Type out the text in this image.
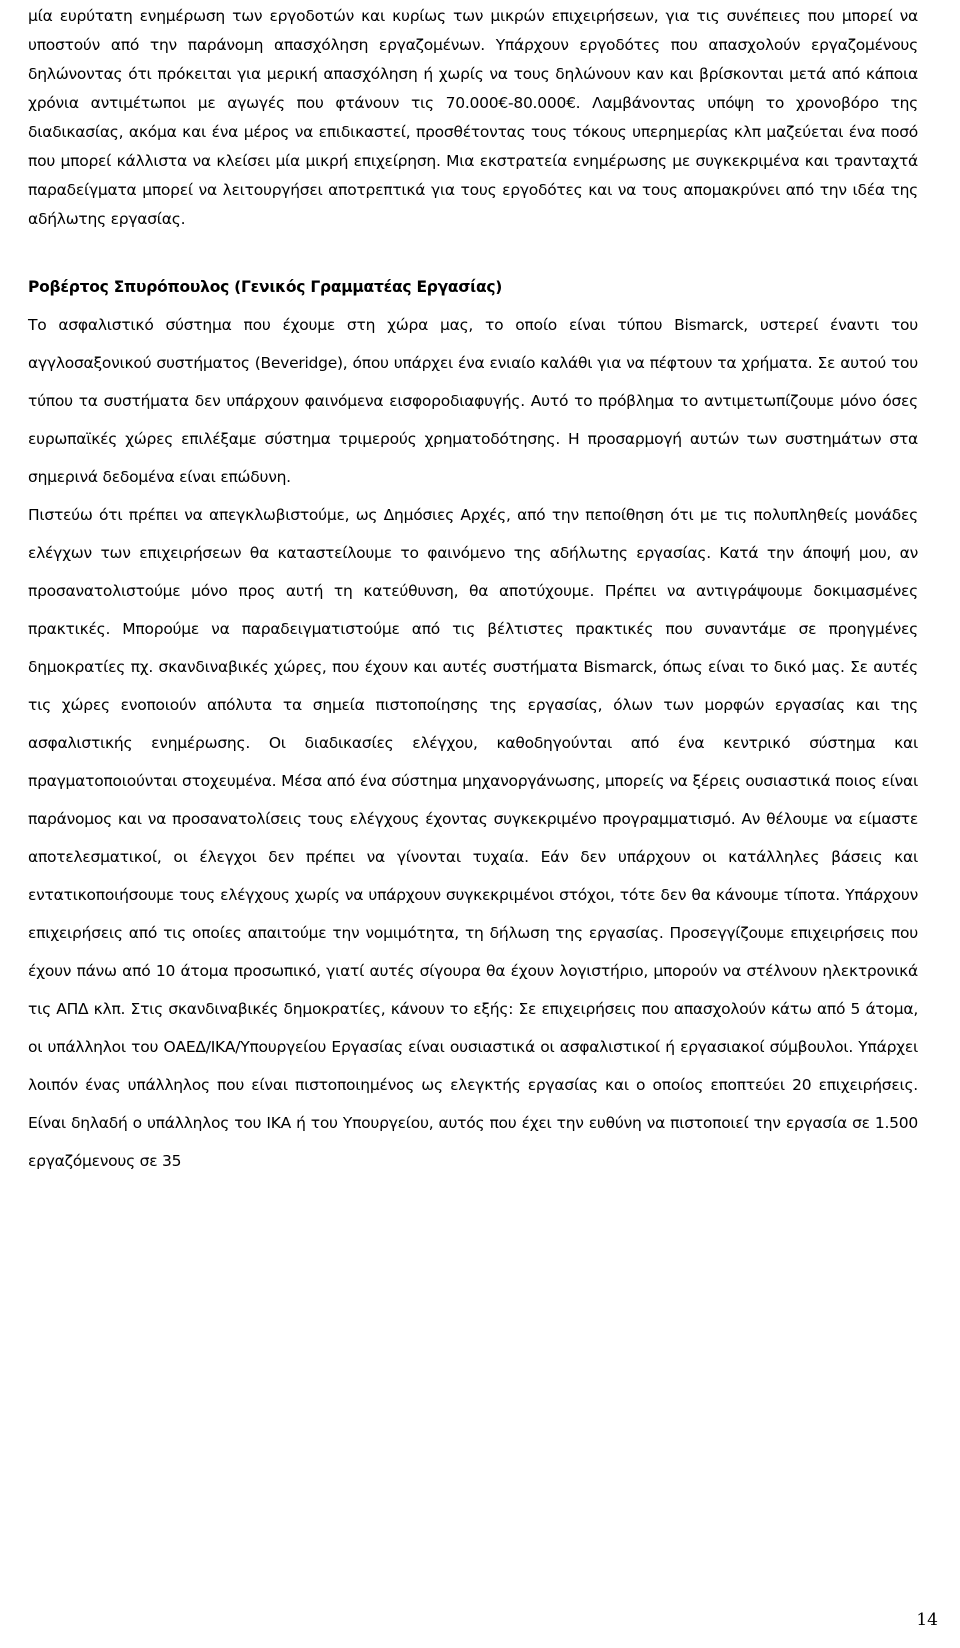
μία ευρύτατη ενημέρωση των εργοδοτών και κυρίως των μικρών επιχειρήσεων, για τις συνέπειες που μπορεί να υποστούν από την παράνομη απασχόληση εργαζομένων. Υπάρχουν εργοδότες που απασχολούν εργαζομένους δηλώνοντας ότι πρόκειται για μερική απασχόληση ή χωρίς να τους δηλώνουν καν και βρίσκονται μετά από κάποια χρόνια αντιμέτωποι με αγωγές που φτάνουν τις 70.000€-80.000€. Λαμβάνοντας υπόψη το χρονοβόρο της διαδικασίας, ακόμα και ένα μέρος να επιδικαστεί, προσθέτοντας τους τόκους υπερημερίας κλπ μαζεύεται ένα ποσό που μπορεί κάλλιστα να κλείσει μία μικρή επιχείρηση. Μια εκστρατεία ενημέρωσης με συγκεκριμένα και τρανταχτά παραδείγματα μπορεί να λειτουργήσει αποτρεπτικά για τους εργοδότες και να τους απομακρύνει από την ιδέα της αδήλωτης εργασίας.

Ροβέρτος Σπυρόπουλος (Γενικός Γραμματέας Εργασίας)

Το ασφαλιστικό σύστημα που έχουμε στη χώρα μας, το οποίο είναι τύπου Bismarck, υστερεί έναντι του αγγλοσαξονικού συστήματος (Beveridge), όπου υπάρχει ένα ενιαίο καλάθι για να πέφτουν τα χρήματα. Σε αυτού του τύπου τα συστήματα δεν υπάρχουν φαινόμενα εισφοροδιαφυγής. Αυτό το πρόβλημα το αντιμετωπίζουμε μόνο όσες ευρωπαϊκές χώρες επιλέξαμε σύστημα τριμερούς χρηματοδότησης. Η προσαρμογή αυτών των συστημάτων στα σημερινά δεδομένα είναι επώδυνη.

Πιστεύω ότι πρέπει να απεγκλωβιστούμε, ως Δημόσιες Αρχές, από την πεποίθηση ότι με τις πολυπληθείς μονάδες ελέγχων των επιχειρήσεων θα καταστείλουμε το φαινόμενο της αδήλωτης εργασίας. Κατά την άποψή μου, αν προσανατολιστούμε μόνο προς αυτή τη κατεύθυνση, θα αποτύχουμε. Πρέπει να αντιγράψουμε δοκιμασμένες πρακτικές. Μπορούμε να παραδειγματιστούμε από τις βέλτιστες πρακτικές που συναντάμε σε προηγμένες δημοκρατίες πχ. σκανδιναβικές χώρες, που έχουν και αυτές συστήματα Bismarck, όπως είναι το δικό μας. Σε αυτές τις χώρες ενοποιούν απόλυτα τα σημεία πιστοποίησης της εργασίας, όλων των μορφών εργασίας και της ασφαλιστικής ενημέρωσης. Οι διαδικασίες ελέγχου, καθοδηγούνται από ένα κεντρικό σύστημα και πραγματοποιούνται στοχευμένα. Μέσα από ένα σύστημα μηχανοργάνωσης, μπορείς να ξέρεις ουσιαστικά ποιος είναι παράνομος και να προσανατολίσεις τους ελέγχους έχοντας συγκεκριμένο προγραμματισμό. Αν θέλουμε να είμαστε αποτελεσματικοί, οι έλεγχοι δεν πρέπει να γίνονται τυχαία. Εάν δεν υπάρχουν οι κατάλληλες βάσεις και εντατικοποιήσουμε τους ελέγχους χωρίς να υπάρχουν συγκεκριμένοι στόχοι, τότε δεν θα κάνουμε τίποτα. Υπάρχουν επιχειρήσεις από τις οποίες απαιτούμε την νομιμότητα, τη δήλωση της εργασίας. Προσεγγίζουμε επιχειρήσεις που έχουν πάνω από 10 άτομα προσωπικό, γιατί αυτές σίγουρα θα έχουν λογιστήριο, μπορούν να στέλνουν ηλεκτρονικά τις ΑΠΔ κλπ. Στις σκανδιναβικές δημοκρατίες, κάνουν το εξής: Σε επιχειρήσεις που απασχολούν κάτω από 5 άτομα, οι υπάλληλοι του ΟΑΕΔ/ΙΚΑ/Υπουργείου Εργασίας είναι ουσιαστικά οι ασφαλιστικοί ή εργασιακοί σύμβουλοι. Υπάρχει λοιπόν ένας υπάλληλος που είναι πιστοποιημένος ως ελεγκτής εργασίας και ο οποίος εποπτεύει 20 επιχειρήσεις. Είναι δηλαδή ο υπάλληλος του ΙΚΑ ή του Υπουργείου, αυτός που έχει την ευθύνη να πιστοποιεί την εργασία σε 1.500 εργαζόμενους σε 35

14
